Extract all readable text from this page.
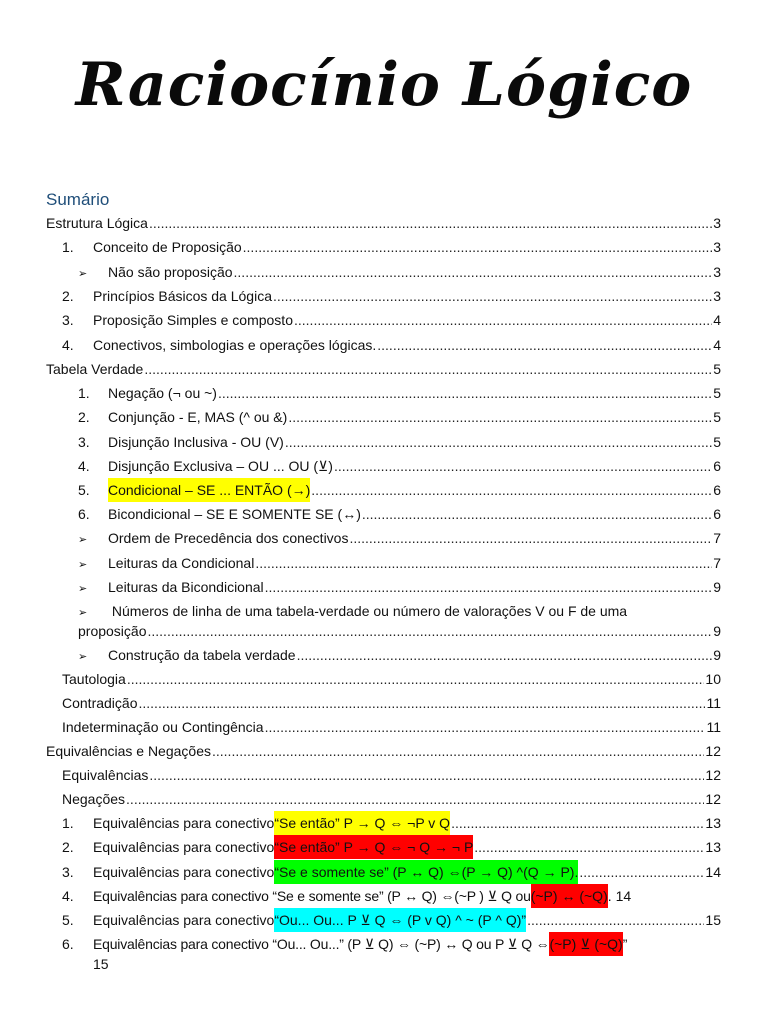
Raciocínio Lógico
Sumário
Estrutura Lógica .....	3
1.	Conceito de Proposição .....	3
➢	Não são proposição .....	3
2.	Princípios Básicos da Lógica .....	3
3.	Proposição Simples e composto .....	4
4.	Conectivos, simbologias e operações lógicas. .....	4
Tabela Verdade .....	5
1.	Negação (¬ ou ~) .....	5
2.	Conjunção - E, MAS (^ ou &) .....	5
3.	Disjunção Inclusiva - OU (V) .....	5
4.	Disjunção Exclusiva – OU ... OU (⊻) .....	6
5.	Condicional – SE ... ENTÃO (→) .....	6
6.	Bicondicional – SE E SOMENTE SE (↔) .....	6
➢	Ordem de Precedência dos conectivos .....	7
➢	Leituras da Condicional .....	7
➢	Leituras da Bicondicional .....	9
➢ Números de linha de uma tabela-verdade ou número de valorações V ou F de uma
proposição .....	9
➢	Construção da tabela verdade .....	9
Tautologia .....	10
Contradição .....	11
Indeterminação ou Contingência .....	11
Equivalências e Negações .....	12
Equivalências .....	12
Negações .....	12
1.	Equivalências para conectivo “Se então” P → Q ⇔ ¬P v Q .....	13
2.	Equivalências para conectivo “Se então” P → Q ⇔ ¬ Q → ¬ P .....	13
3.	Equivalências para conectivo “Se e somente se” (P ↔ Q) ⇔(P → Q) ^(Q → P). .....	14
4.	Equivalências para conectivo “Se e somente se” (P ↔ Q) ⇔(~P ) ⊻ Q ou (~P) ↔ (~Q) . 14
5.	Equivalências para conectivo “Ou... Ou... P ⊻ Q ⇔ (P v Q) ^ ~ (P ^ Q)” .....	15
6.	Equivalências para conectivo “Ou... Ou...” (P ⊻ Q) ⇔ (~P) ↔ Q ou P ⊻ Q ⇔ (~P) ⊻ (~Q) ”
15
